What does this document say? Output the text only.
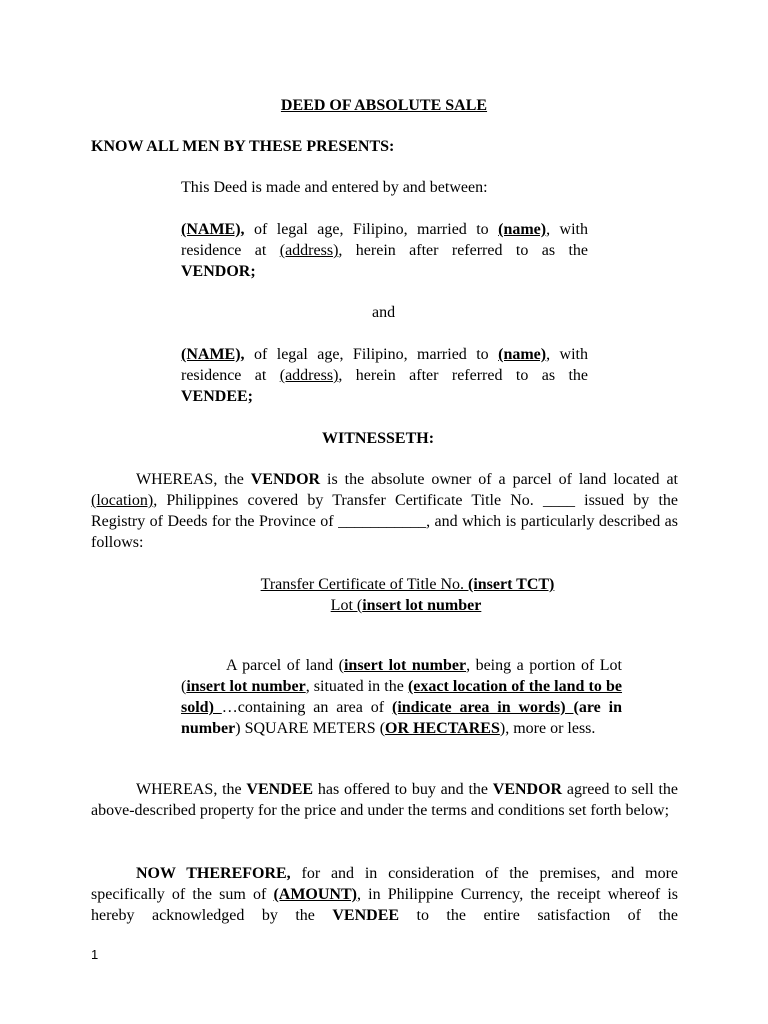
DEED OF ABSOLUTE SALE
KNOW ALL MEN BY THESE PRESENTS:
This Deed is made and entered by and between:
(NAME), of legal age, Filipino, married to (name), with residence at (address), herein after referred to as the VENDOR;
and
(NAME), of legal age, Filipino, married to (name), with residence at (address), herein after referred to as the VENDEE;
WITNESSETH:
WHEREAS, the VENDOR is the absolute owner of a parcel of land located at (location), Philippines covered by Transfer Certificate Title No. ____ issued by the Registry of Deeds for the Province of ___________, and which is particularly described as follows:
Transfer Certificate of Title No. (insert TCT)
Lot (insert lot number
A parcel of land (insert lot number, being a portion of Lot (insert lot number, situated in the (exact location of the land to be sold) …containing an area of (indicate area in words) (are in number) SQUARE METERS (OR HECTARES), more or less.
WHEREAS, the VENDEE has offered to buy and the VENDOR agreed to sell the above-described property for the price and under the terms and conditions set forth below;
NOW THEREFORE, for and in consideration of the premises, and more specifically of the sum of (AMOUNT), in Philippine Currency, the receipt whereof is hereby acknowledged by the VENDEE to the entire satisfaction of the
1
